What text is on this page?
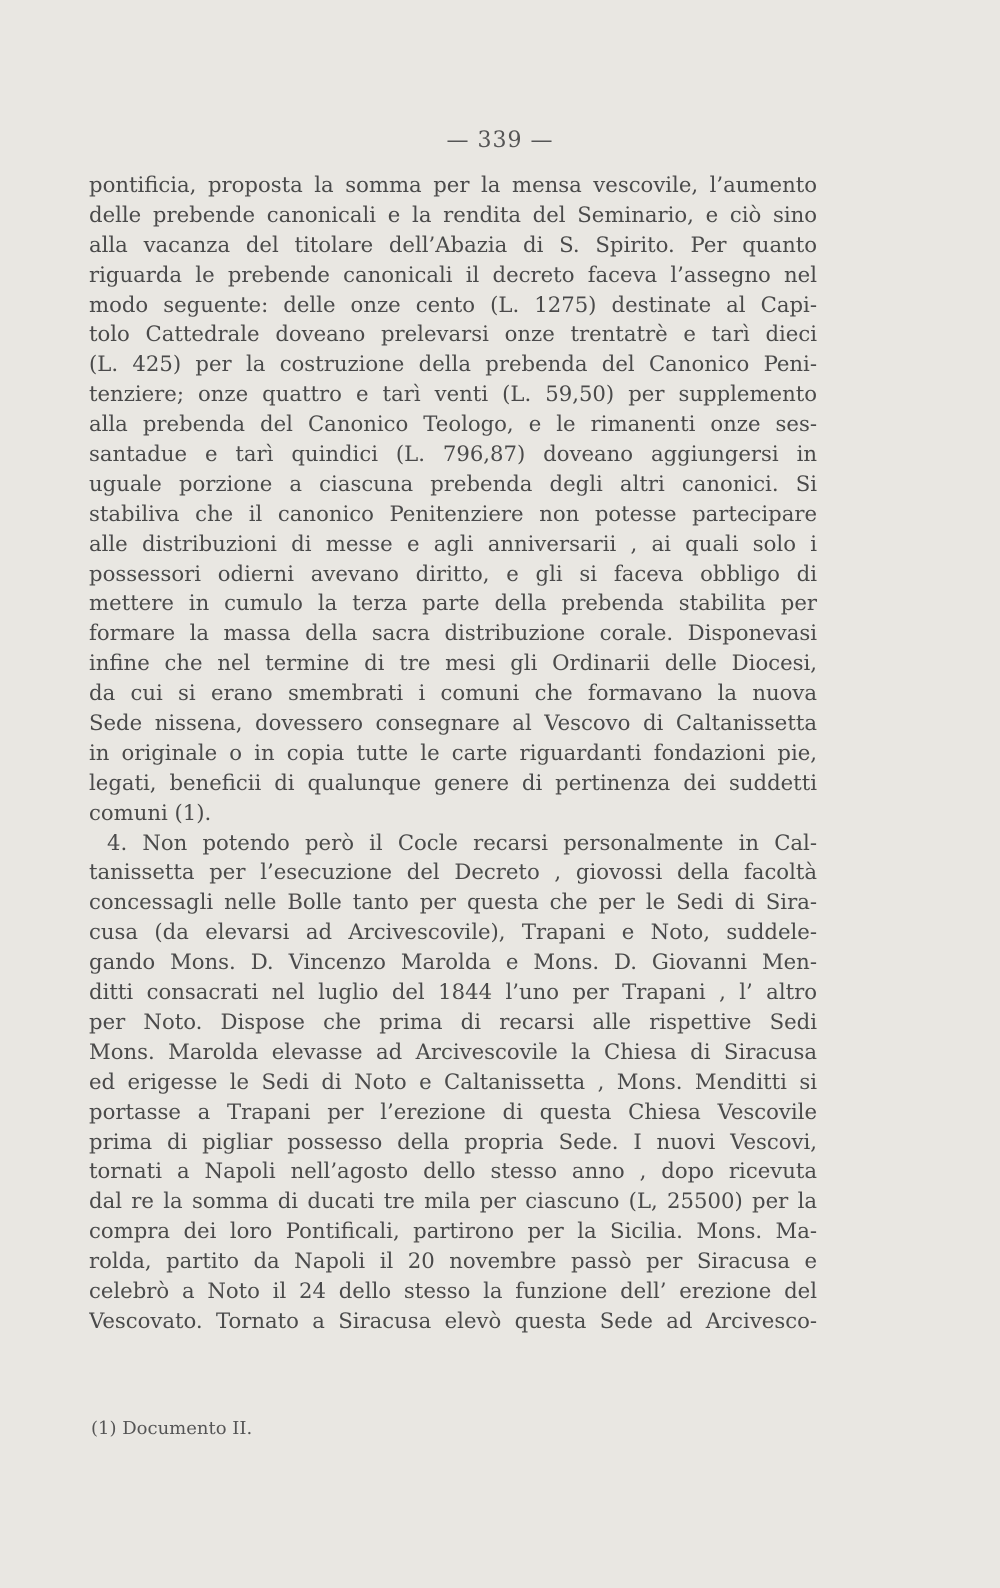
— 339 —
pontificia, proposta la somma per la mensa vescovile, l’aumento
delle prebende canonicali e la rendita del Seminario, e ciò sino
alla vacanza del titolare dell’Abazia di S. Spirito. Per quanto
riguarda le prebende canonicali il decreto faceva l’assegno nel
modo seguente: delle onze cento (L. 1275) destinate al Capi-
tolo Cattedrale doveano prelevarsi onze trentatrè e tarì dieci
(L. 425) per la costruzione della prebenda del Canonico Peni-
tenziere; onze quattro e tarì venti (L. 59,50) per supplemento
alla prebenda del Canonico Teologo, e le rimanenti onze ses-
santadue e tarì quindici (L. 796,87) doveano aggiungersi in
uguale porzione a ciascuna prebenda degli altri canonici. Si
stabiliva che il canonico Penitenziere non potesse partecipare
alle distribuzioni di messe e agli anniversarii , ai quali solo i
possessori odierni avevano diritto, e gli si faceva obbligo di
mettere in cumulo la terza parte della prebenda stabilita per
formare la massa della sacra distribuzione corale. Disponevasi
infine che nel termine di tre mesi gli Ordinarii delle Diocesi,
da cui si erano smembrati i comuni che formavano la nuova
Sede nissena, dovessero consegnare al Vescovo di Caltanissetta
in originale o in copia tutte le carte riguardanti fondazioni pie,
legati, beneficii di qualunque genere di pertinenza dei suddetti
comuni (1).
4. Non potendo però il Cocle recarsi personalmente in Cal-
tanissetta per l’esecuzione del Decreto , giovossi della facoltà
concessagli nelle Bolle tanto per questa che per le Sedi di Sira-
cusa (da elevarsi ad Arcivescovile), Trapani e Noto, suddele-
gando Mons. D. Vincenzo Marolda e Mons. D. Giovanni Men-
ditti consacrati nel luglio del 1844 l’uno per Trapani , l’ altro
per Noto. Dispose che prima di recarsi alle rispettive Sedi
Mons. Marolda elevasse ad Arcivescovile la Chiesa di Siracusa
ed erigesse le Sedi di Noto e Caltanissetta , Mons. Menditti si
portasse a Trapani per l’erezione di questa Chiesa Vescovile
prima di pigliar possesso della propria Sede. I nuovi Vescovi,
tornati a Napoli nell’agosto dello stesso anno , dopo ricevuta
dal re la somma di ducati tre mila per ciascuno (L, 25500) per la
compra dei loro Pontificali, partirono per la Sicilia. Mons. Ma-
rolda, partito da Napoli il 20 novembre passò per Siracusa e
celebrò a Noto il 24 dello stesso la funzione dell’ erezione del
Vescovato. Tornato a Siracusa elevò questa Sede ad Arcivesco-
(1) Documento II.
